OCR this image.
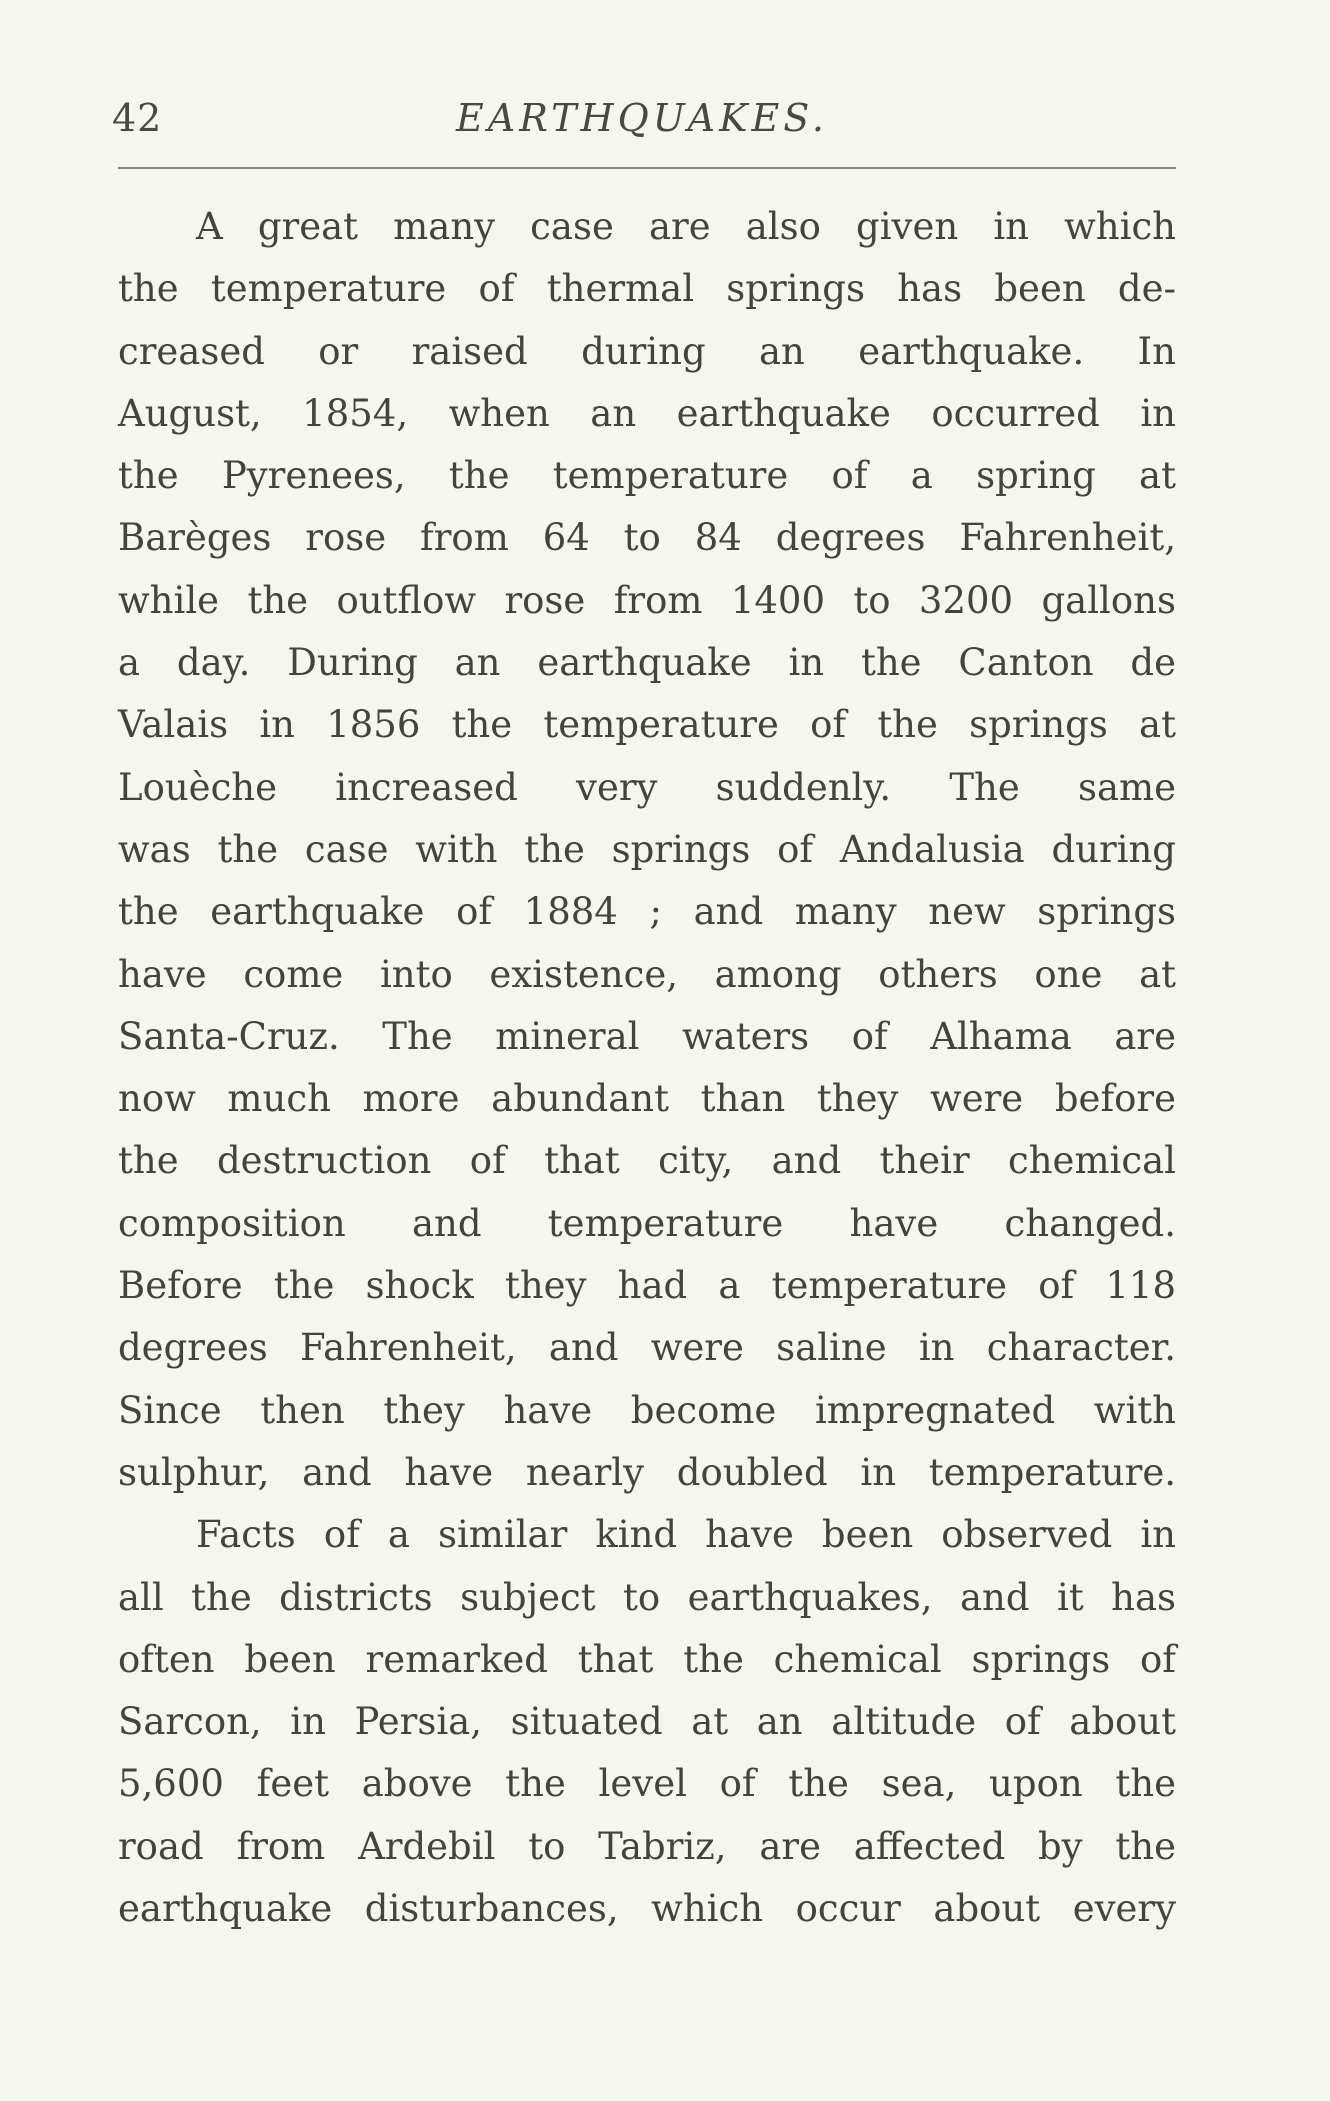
42	EARTHQUAKES.
A great many case are also given in which
the temperature of thermal springs has been de-
creased or raised during an earthquake. In
August, 1854, when an earthquake occurred in
the Pyrenees, the temperature of a spring at
Barèges rose from 64 to 84 degrees Fahrenheit,
while the outflow rose from 1400 to 3200 gallons
a day. During an earthquake in the Canton de
Valais in 1856 the temperature of the springs at
Louèche increased very suddenly. The same
was the case with the springs of Andalusia during
the earthquake of 1884 ; and many new springs
have come into existence, among others one at
Santa-Cruz. The mineral waters of Alhama are
now much more abundant than they were before
the destruction of that city, and their chemical
composition and temperature have changed.
Before the shock they had a temperature of 118
degrees Fahrenheit, and were saline in character.
Since then they have become impregnated with
sulphur, and have nearly doubled in temperature.
Facts of a similar kind have been observed in
all the districts subject to earthquakes, and it has
often been remarked that the chemical springs of
Sarcon, in Persia, situated at an altitude of about
5,600 feet above the level of the sea, upon the
road from Ardebil to Tabriz, are affected by the
earthquake disturbances, which occur about every
